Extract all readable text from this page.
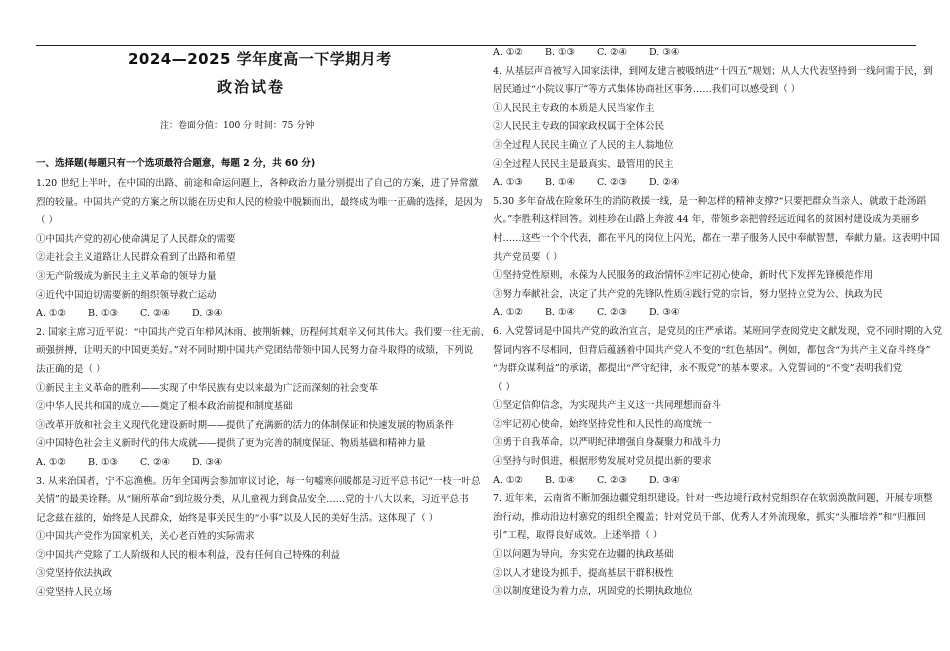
2024—2025 学年度高一下学期月考
政治试卷
注：卷面分值：100 分 时间：75 分钟
一、选择题(每题只有一个选项最符合题意，每题 2 分，共 60 分)

1.20 世纪上半叶，在中国的出路、前途和命运问题上，各种政治力量分别提出了自己的方案，进了异常激

烈的较量。中国共产党的方案之所以能在历史和人民的检验中脱颖而出，最终成为唯一正确的选择，是因为

（ ）

①中国共产党的初心使命满足了人民群众的需要

②走社会主义道路让人民群众看到了出路和希望

③无产阶级成为新民主主义革命的领导力量

④近代中国迫切需要新的组织领导救亡运动

A. ①② B. ①③ C. ②④ D. ③④

2. 国家主席习近平说：“中国共产党百年栉风沐雨、披荆斩棘，历程何其艰辛又何其伟大。我们要一往无前、

顽强拼搏，让明天的中国更美好。”对不同时期中国共产党团结带领中国人民努力奋斗取得的成绩，下列说

法正确的是（ ）

①新民主主义革命的胜利——实现了中华民族有史以来最为广泛而深刻的社会变革

②中华人民共和国的成立——奠定了根本政治前提和制度基础

③改革开放和社会主义现代化建设新时期——提供了充满新的活力的体制保证和快速发展的物质条件

④中国特色社会主义新时代的伟大成就——提供了更为完善的制度保证、物质基础和精神力量

A. ①② B. ①③ C. ②④ D. ③④

3. 从来治国者，宁不忘渔樵。历年全国两会参加审议讨论，每一句嘘寒问暖都是习近平总书记“一枝一叶总

关情”的最美诠释。从“厕所革命”到垃圾分类，从儿童视力到食品安全……党的十八大以来，习近平总书

记念兹在兹的，始终是人民群众，始终是事关民生的“小事”以及人民的美好生活。这体现了（ ）

①中国共产党作为国家机关，关心老百姓的实际需求

②中国共产党除了工人阶级和人民的根本利益，没有任何自己特殊的利益

③党坚持依法执政

④党坚持人民立场

A. ①② B. ①③ C. ②④ D. ③④

4. 从基层声音被写入国家法律，到网友建言被吸纳进“十四五”规划；从人大代表坚持到一线问需于民，到

居民通过“小院议事厅”等方式集体协商社区事务……我们可以感受到（ ）

①人民民主专政的本质是人民当家作主

②人民民主专政的国家政权属于全体公民

③全过程人民民主确立了人民的主人翁地位

④全过程人民民主是最真实、最管用的民主

A. ①③ B. ①④ C. ②③ D. ②④

5.30 多年奋战在险象环生的消防救援一线，是一种怎样的精神支撑?“只要把群众当亲人，就敢于赴汤蹈

火。”李胜利这样回答。刘桂珍在山路上奔波 44 年，带领乡亲把曾经远近闻名的贫困村建设成为美丽乡

村……这些一个个代表，都在平凡的岗位上闪光，都在一辈子服务人民中奉献智慧，奉献力量。这表明中国

共产党员要（ ）

①坚持党性原则，永葆为人民服务的政治情怀②牢记初心使命，新时代下发挥先锋模范作用

③努力奉献社会，决定了共产党的先锋队性质④践行党的宗旨，努力坚持立党为公、执政为民

A. ①② B. ①④ C. ②③ D. ③④

6. 入党誓词是中国共产党的政治宣言，是党员的庄严承诺。某班同学查阅党史文献发现，党不同时期的入党

誓词内容不尽相同，但背后蕴涵着中国共产党人不变的“红色基因”。例如，都包含“为共产主义奋斗终身”

“为群众谋利益”的承诺，都提出“严守纪律，永不叛党”的基本要求。入党誓词的“不变”表明我们党

（ ）

①坚定信仰信念，为实现共产主义这一共同理想而奋斗

②牢记初心使命，始终坚持党性和人民性的高度统一

③勇于自我革命，以严明纪律增强自身凝聚力和战斗力

④坚持与时俱进，根据形势发展对党员提出新的要求

A. ①② B. ①④ C. ②③ D. ③④

7. 近年来，云南省不断加强边疆党组织建设。针对一些边境行政村党组织存在软弱涣散问题，开展专项整

治行动，推动沿边村寨党的组织全覆盖；针对党员干部、优秀人才外流现象，抓实“头雁培养”和“归雁回

引”工程，取得良好成效。上述举措（ ）

①以问题为导向，夯实党在边疆的执政基础

②以人才建设为抓手，提高基层干群积极性

③以制度建设为着力点，巩固党的长期执政地位
